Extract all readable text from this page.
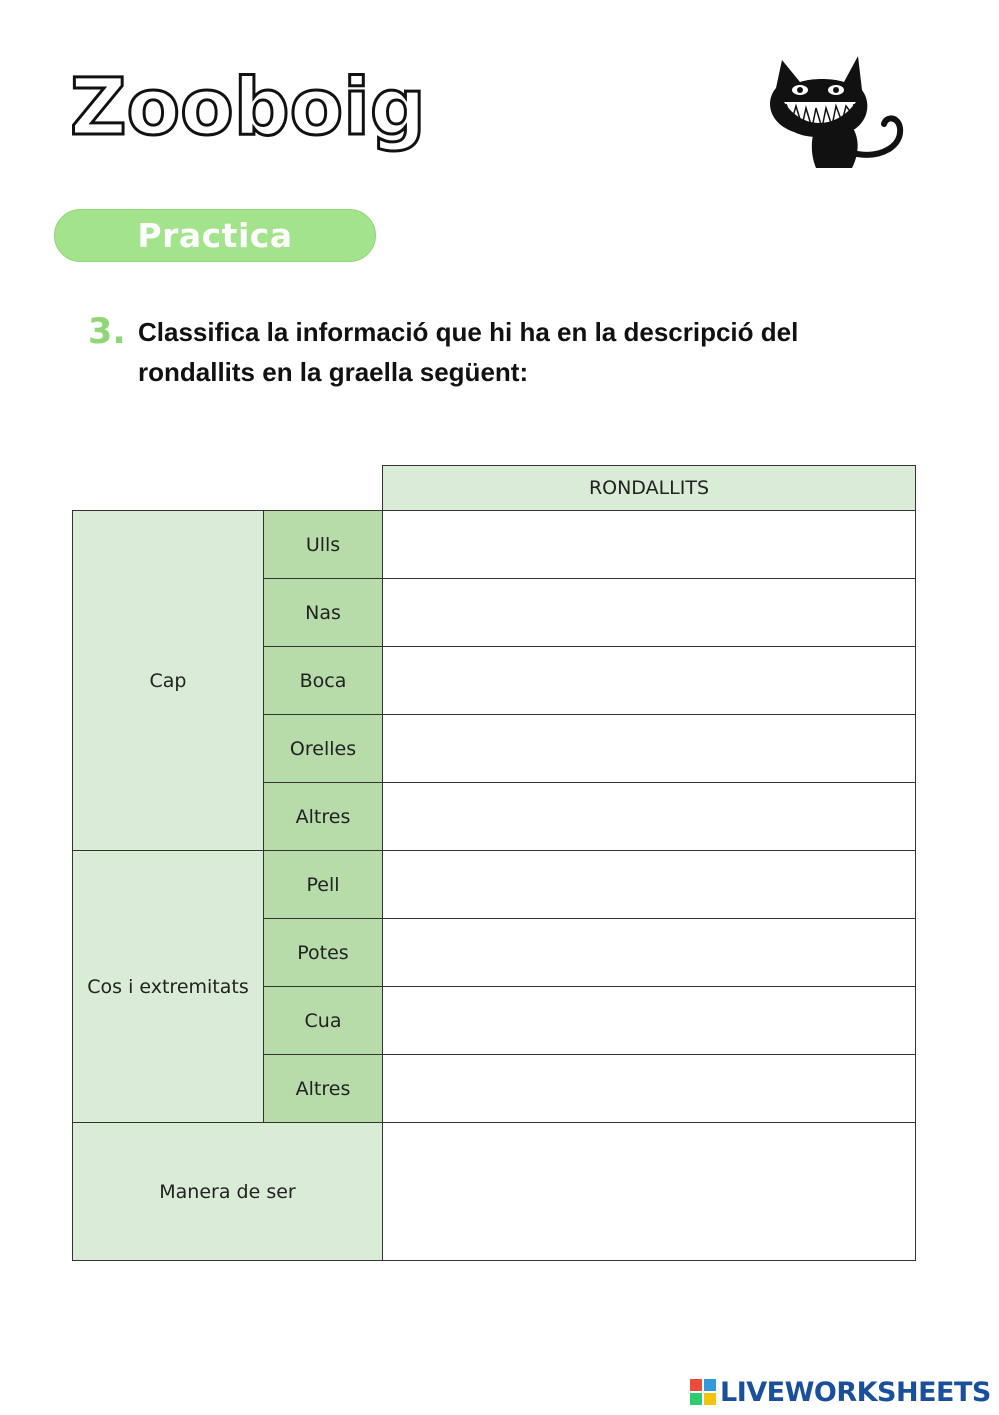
Zooboig
Practica
3. Classifica la informació que hi ha en la descripció del rondallits en la graella següent:
		RONDALLITS
Cap	Ulls	
	Nas	
	Boca	
	Orelles	
	Altres	
Cos i extremitats	Pell	
	Potes	
	Cua	
	Altres	
Manera de ser		
LIVEWORKSHEETS
